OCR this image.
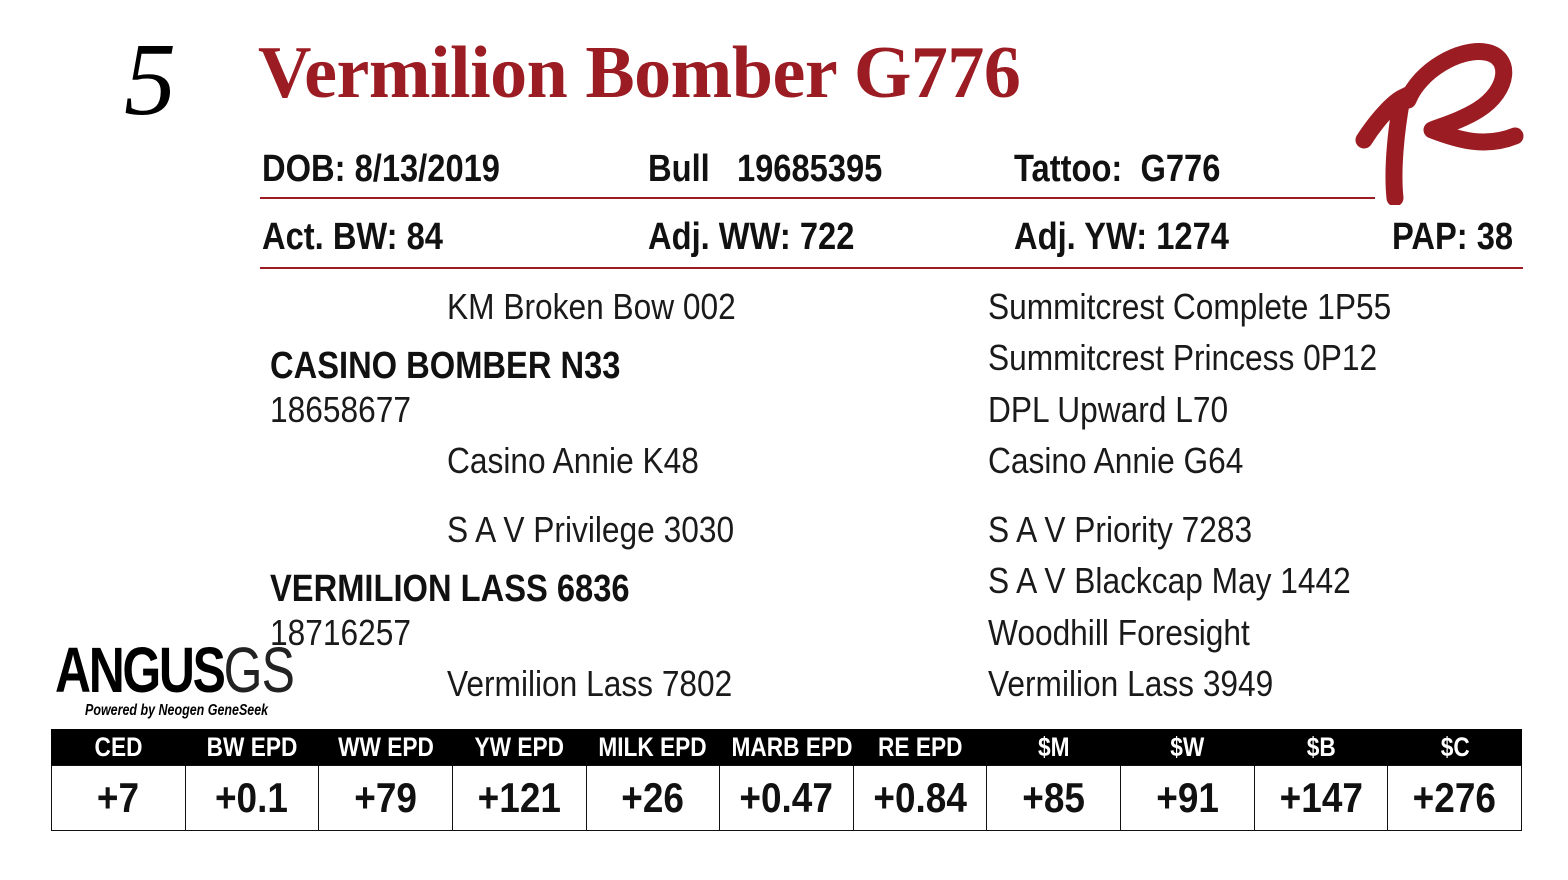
5 Vermilion Bomber G776
DOB: 8/13/2019	Bull   19685395	Tattoo:  G776
Act. BW: 84	Adj. WW: 722	Adj. YW: 1274	PAP: 38
KM Broken Bow 002
CASINO BOMBER N33
18658677
Casino Annie K48
S A V Privilege 3030
VERMILION LASS 6836
18716257
Vermilion Lass 7802
Summitcrest Complete 1P55
Summitcrest Princess 0P12
DPL Upward L70
Casino Annie G64
S A V Priority 7283
S A V Blackcap May 1442
Woodhill Foresight
Vermilion Lass 3949
ANGUSGS
Powered by Neogen GeneSeek
CED	BW EPD	WW EPD	YW EPD	MILK EPD	MARB EPD	RE EPD	$M	$W	$B	$C
+7	+0.1	+79	+121	+26	+0.47	+0.84	+85	+91	+147	+276
